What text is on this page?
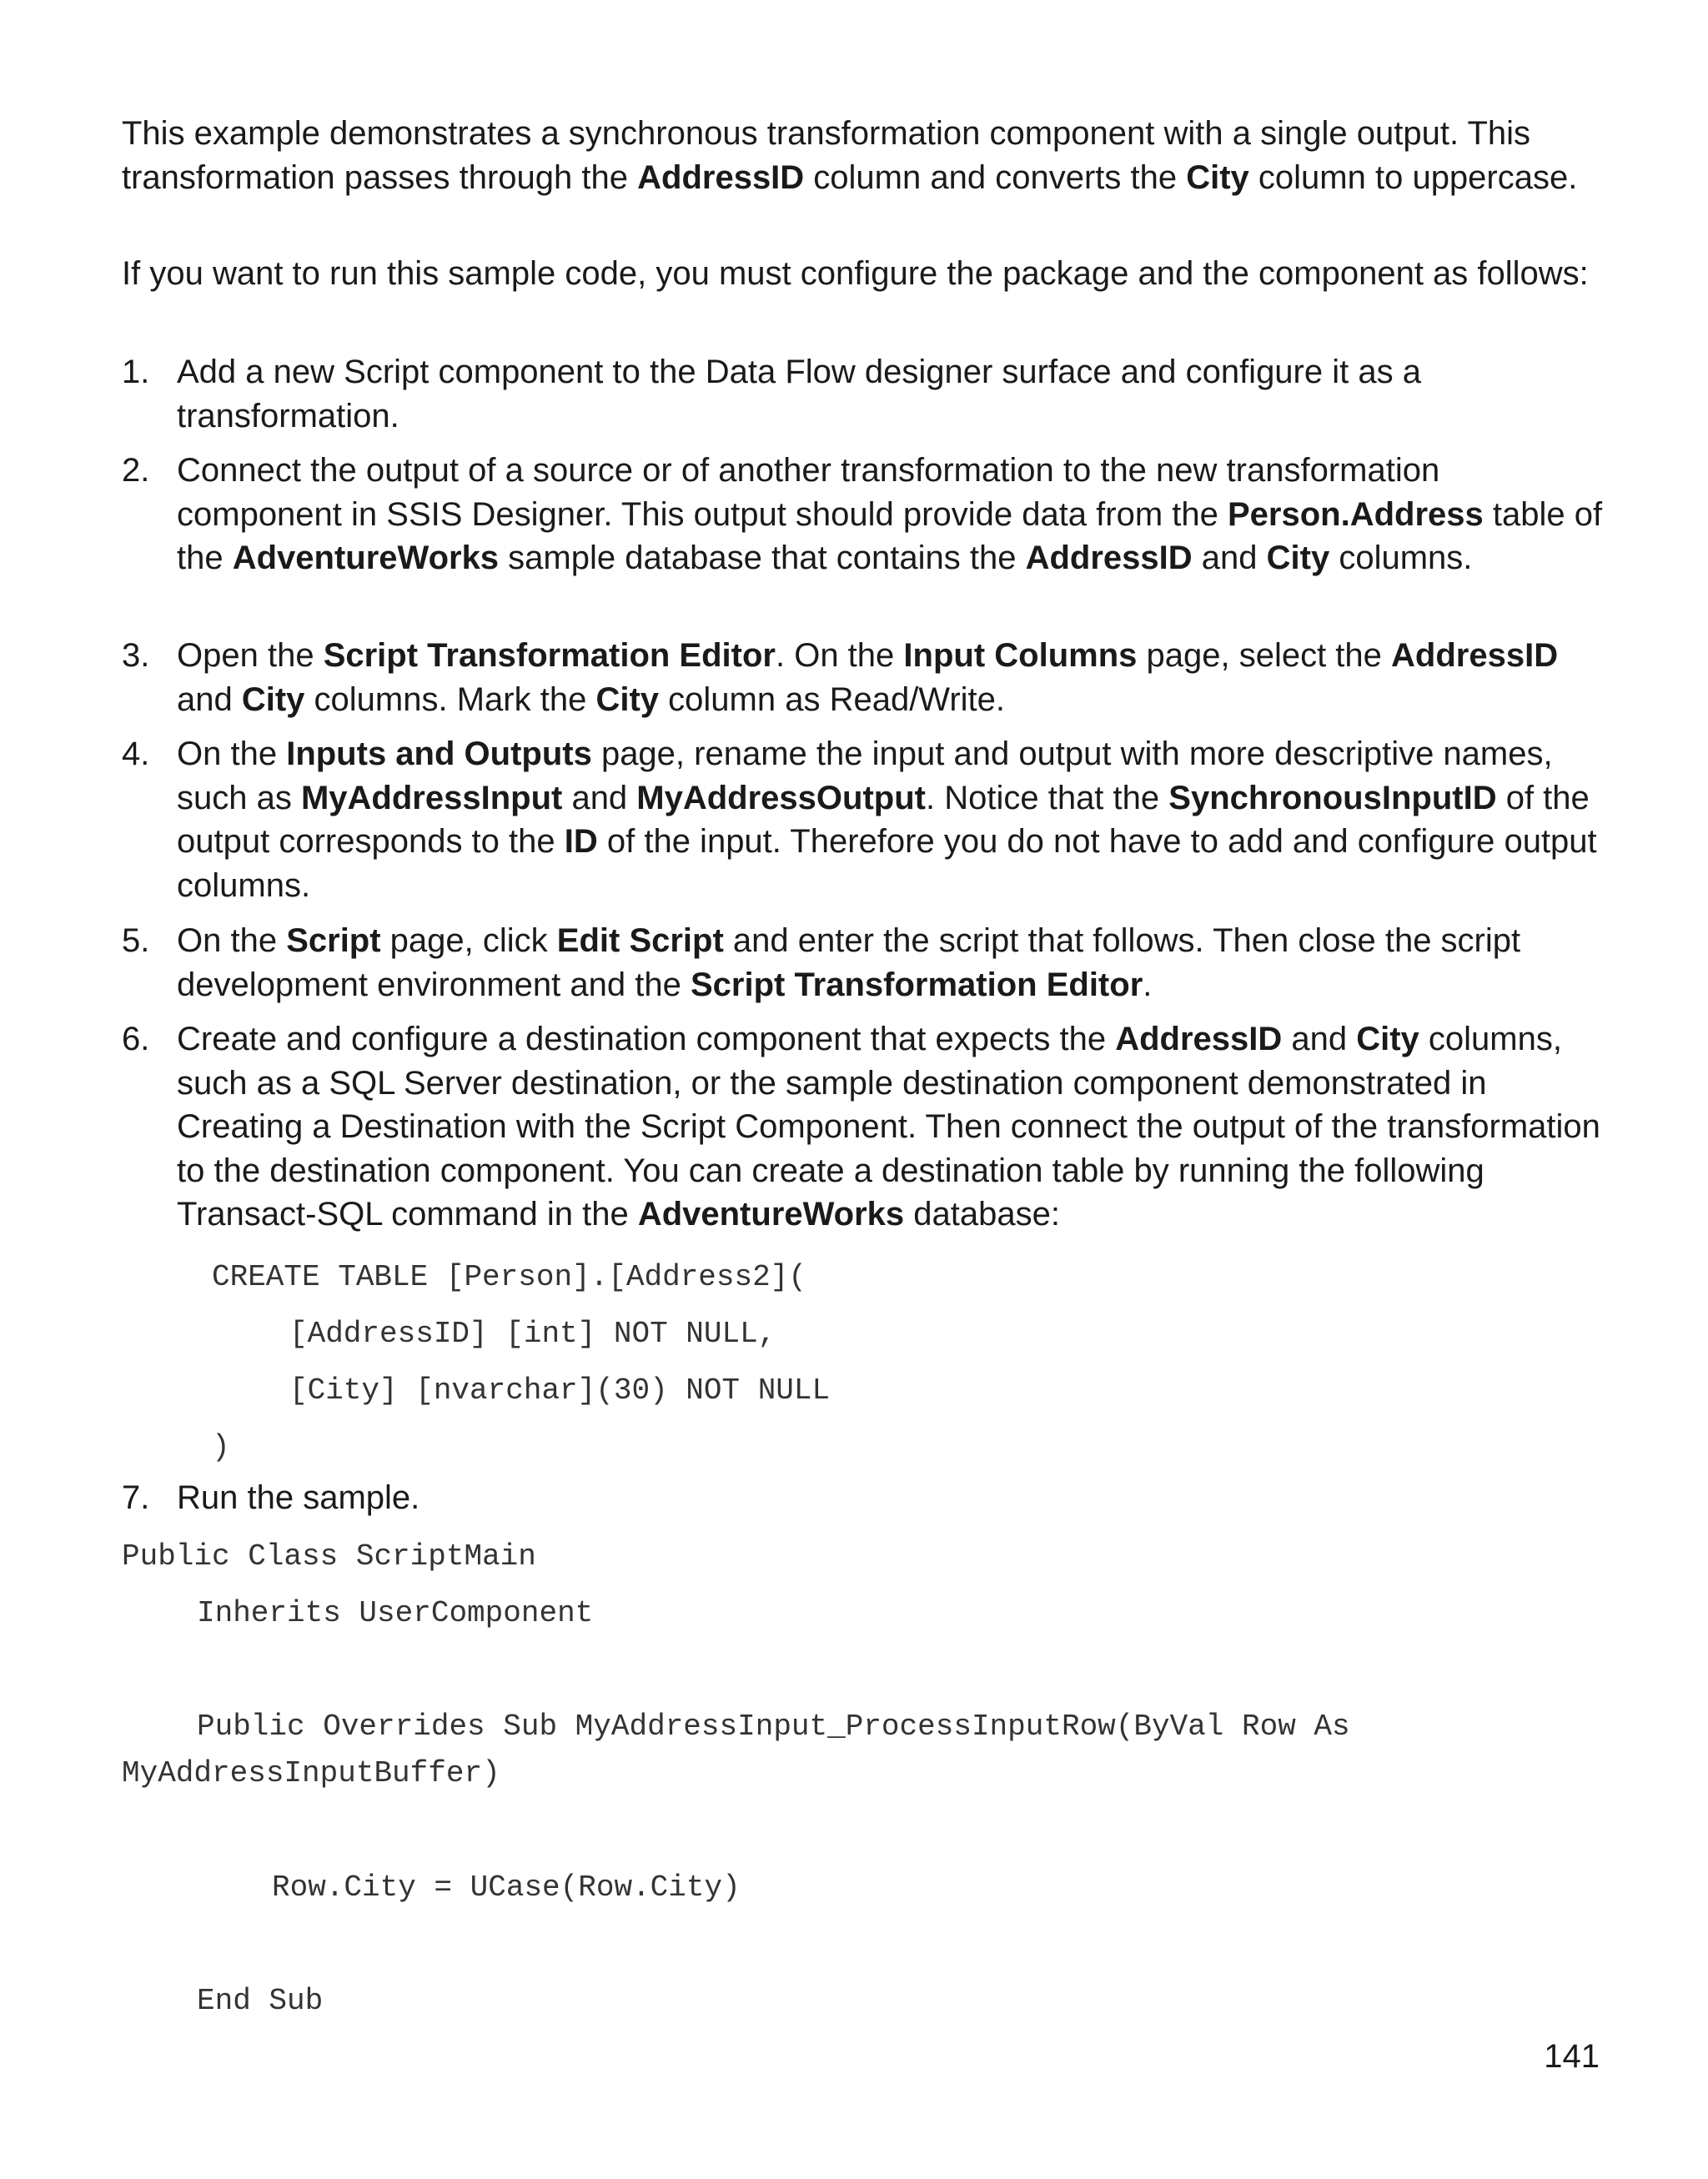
This example demonstrates a synchronous transformation component with a single output. This transformation passes through the AddressID column and converts the City column to uppercase.

If you want to run this sample code, you must configure the package and the component as follows:

1. Add a new Script component to the Data Flow designer surface and configure it as a transformation.
2. Connect the output of a source or of another transformation to the new transformation component in SSIS Designer. This output should provide data from the Person.Address table of the AdventureWorks sample database that contains the AddressID and City columns.
3. Open the Script Transformation Editor. On the Input Columns page, select the AddressID and City columns. Mark the City column as Read/Write.
4. On the Inputs and Outputs page, rename the input and output with more descriptive names, such as MyAddressInput and MyAddressOutput. Notice that the SynchronousInputID of the output corresponds to the ID of the input. Therefore you do not have to add and configure output columns.
5. On the Script page, click Edit Script and enter the script that follows. Then close the script development environment and the Script Transformation Editor.
6. Create and configure a destination component that expects the AddressID and City columns, such as a SQL Server destination, or the sample destination component demonstrated in Creating a Destination with the Script Component. Then connect the output of the transformation to the destination component. You can create a destination table by running the following Transact-SQL command in the AdventureWorks database:
CREATE TABLE [Person].[Address2](
[AddressID] [int] NOT NULL,
[City] [nvarchar](30) NOT NULL
)
7. Run the sample.
Public Class ScriptMain
Inherits UserComponent
Public Overrides Sub MyAddressInput_ProcessInputRow(ByVal Row As
MyAddressInputBuffer)
Row.City = UCase(Row.City)
End Sub
141
